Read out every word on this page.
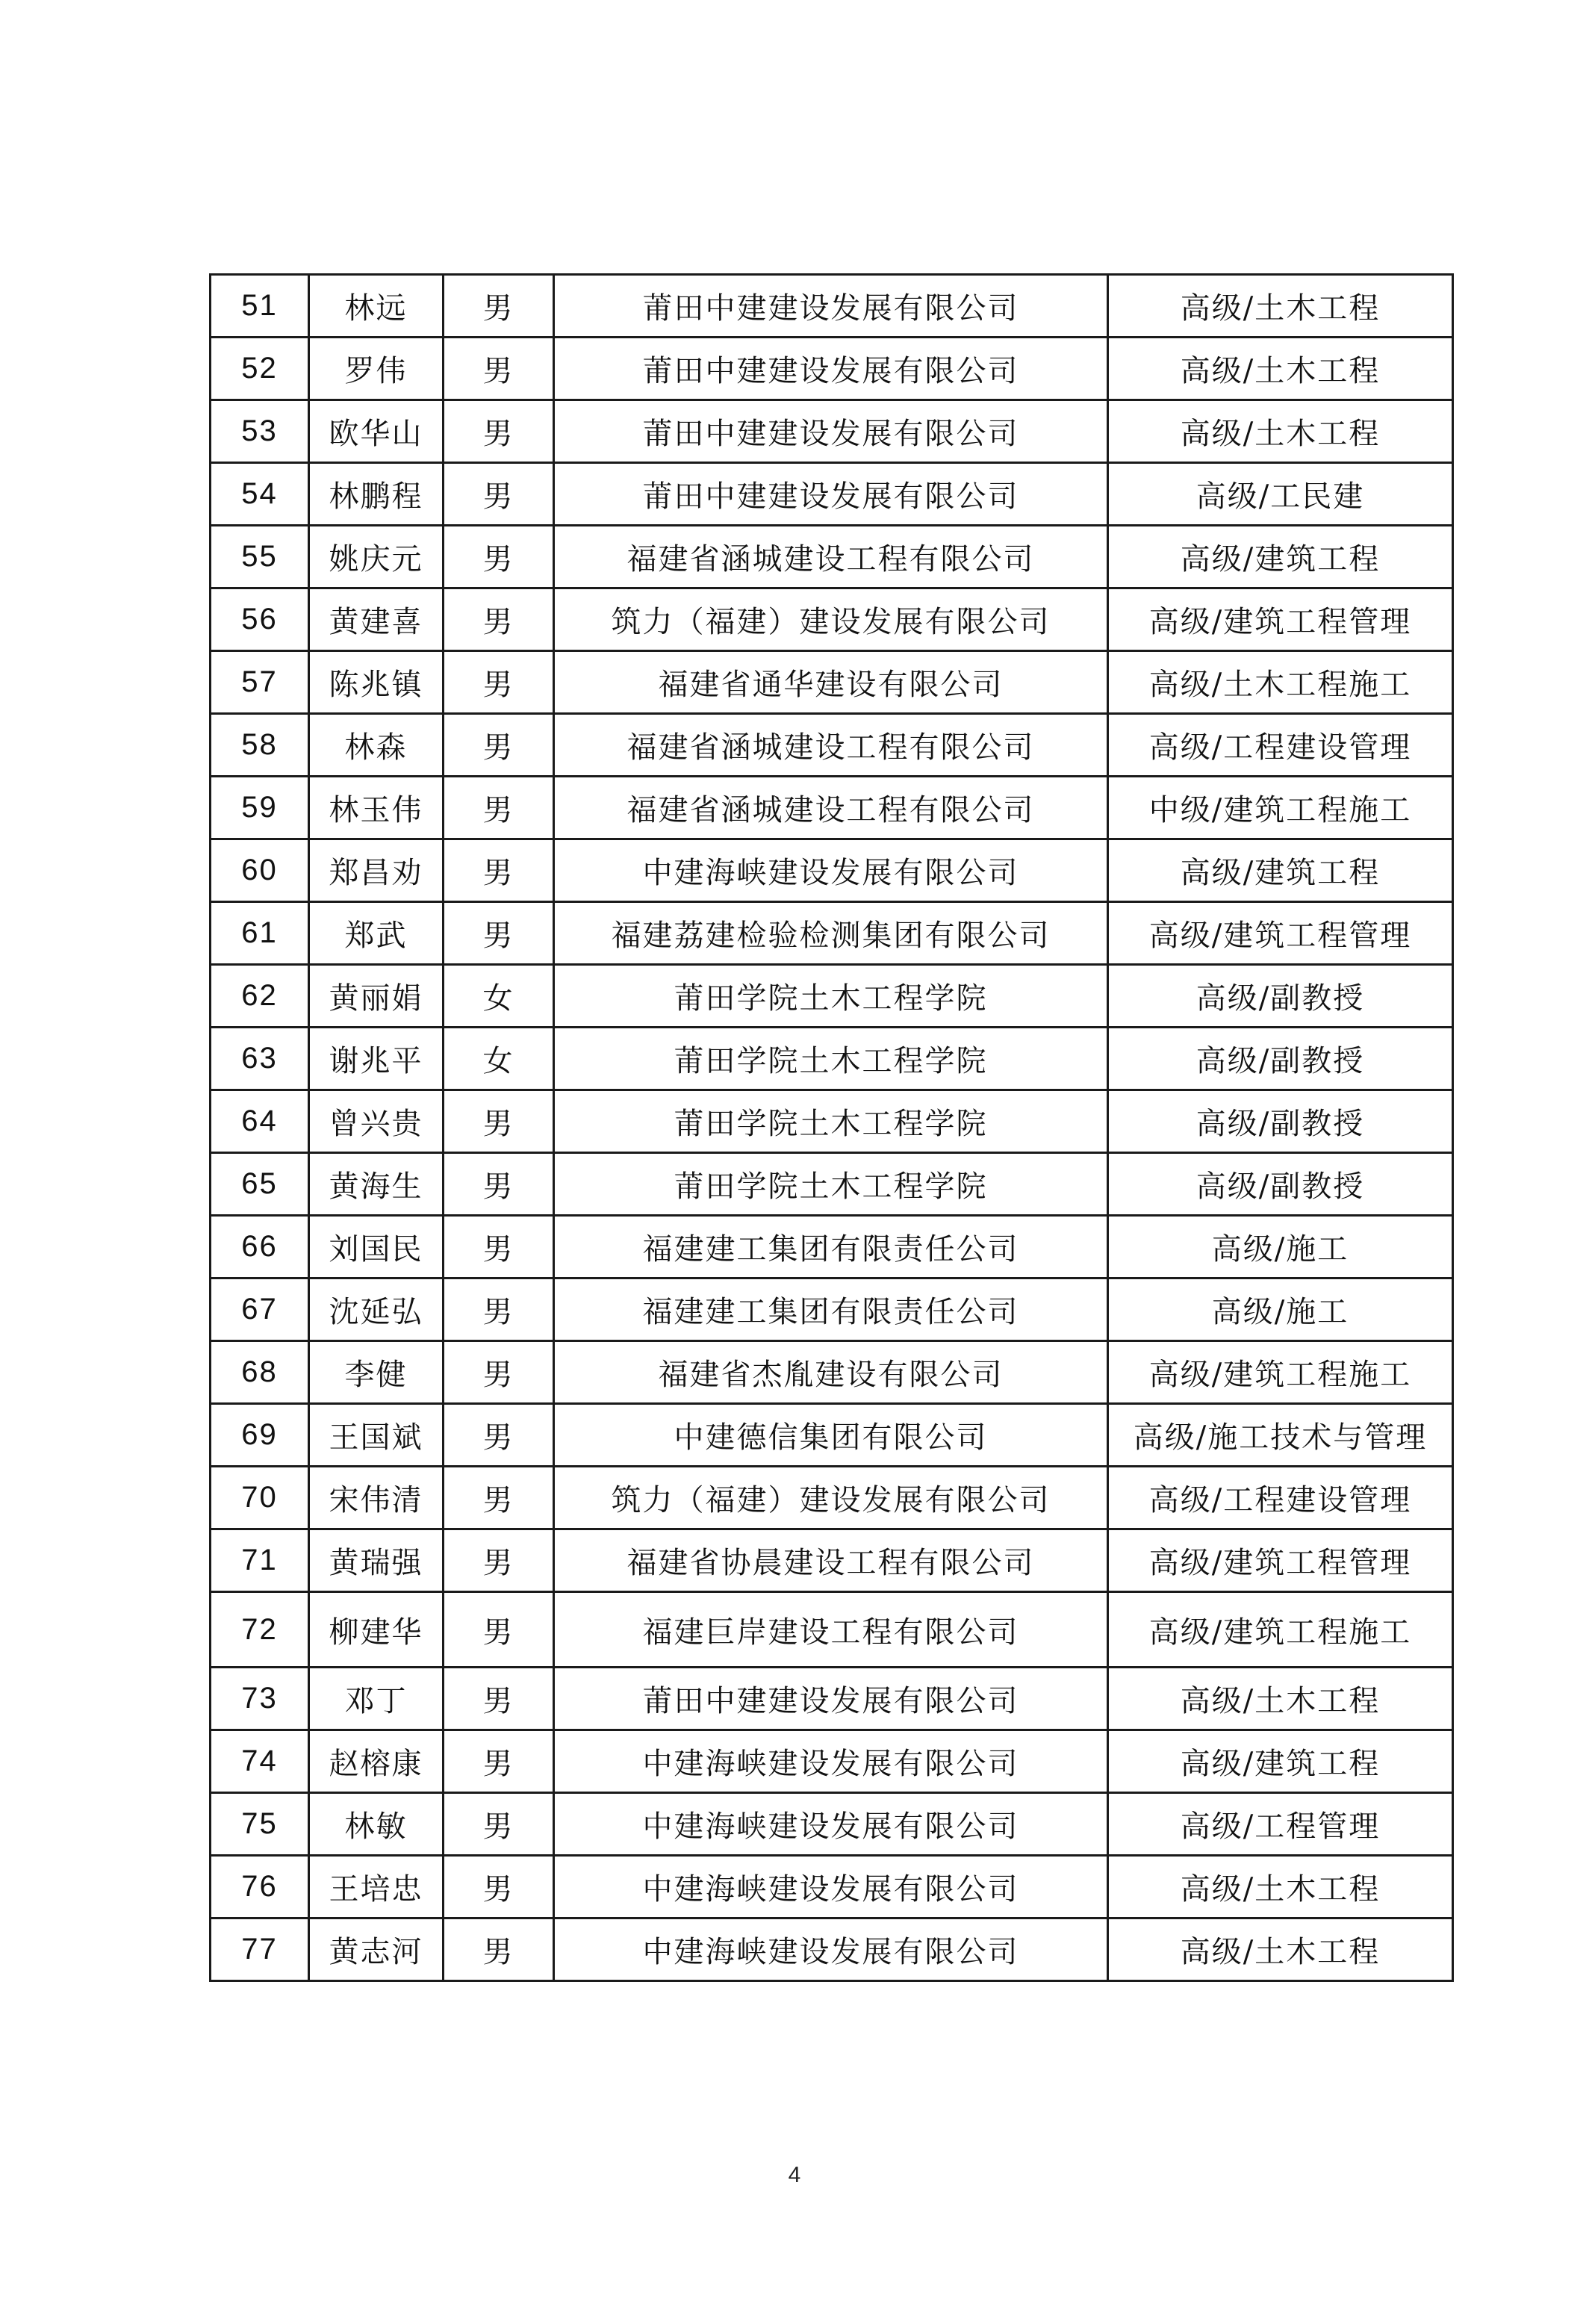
51	林远	男	莆田中建建设发展有限公司	高级/土木工程
52	罗伟	男	莆田中建建设发展有限公司	高级/土木工程
53	欧华山	男	莆田中建建设发展有限公司	高级/土木工程
54	林鹏程	男	莆田中建建设发展有限公司	高级/工民建
55	姚庆元	男	福建省涵城建设工程有限公司	高级/建筑工程
56	黄建喜	男	筑力（福建）建设发展有限公司	高级/建筑工程管理
57	陈兆镇	男	福建省通华建设有限公司	高级/土木工程施工
58	林森	男	福建省涵城建设工程有限公司	高级/工程建设管理
59	林玉伟	男	福建省涵城建设工程有限公司	中级/建筑工程施工
60	郑昌劝	男	中建海峡建设发展有限公司	高级/建筑工程
61	郑武	男	福建荔建检验检测集团有限公司	高级/建筑工程管理
62	黄丽娟	女	莆田学院土木工程学院	高级/副教授
63	谢兆平	女	莆田学院土木工程学院	高级/副教授
64	曾兴贵	男	莆田学院土木工程学院	高级/副教授
65	黄海生	男	莆田学院土木工程学院	高级/副教授
66	刘国民	男	福建建工集团有限责任公司	高级/施工
67	沈延弘	男	福建建工集团有限责任公司	高级/施工
68	李健	男	福建省杰胤建设有限公司	高级/建筑工程施工
69	王国斌	男	中建德信集团有限公司	高级/施工技术与管理
70	宋伟清	男	筑力（福建）建设发展有限公司	高级/工程建设管理
71	黄瑞强	男	福建省协晨建设工程有限公司	高级/建筑工程管理
72	柳建华	男	福建巨岸建设工程有限公司	高级/建筑工程施工
73	邓丁	男	莆田中建建设发展有限公司	高级/土木工程
74	赵榕康	男	中建海峡建设发展有限公司	高级/建筑工程
75	林敏	男	中建海峡建设发展有限公司	高级/工程管理
76	王培忠	男	中建海峡建设发展有限公司	高级/土木工程
77	黄志河	男	中建海峡建设发展有限公司	高级/土木工程
4
